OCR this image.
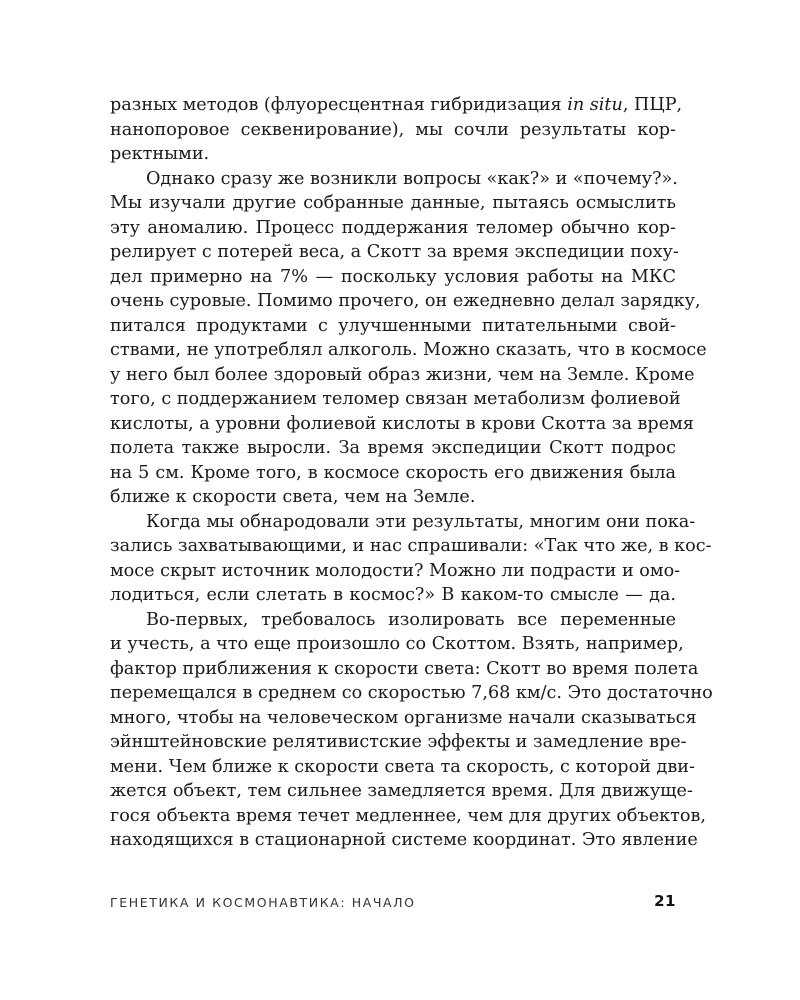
разных методов (флуоресцентная гибридизация in situ, ПЦР,
нанопоровое секвенирование), мы сочли результаты кор-
ректными.
Однако сразу же возникли вопросы «как?» и «почему?».
Мы изучали другие собранные данные, пытаясь осмыслить
эту аномалию. Процесс поддержания теломер обычно кор-
релирует с потерей веса, а Скотт за время экспедиции поху-
дел примерно на 7% — поскольку условия работы на МКС
очень суровые. Помимо прочего, он ежедневно делал зарядку,
питался продуктами с улучшенными питательными свой-
ствами, не употреблял алкоголь. Можно сказать, что в космосе
у него был более здоровый образ жизни, чем на Земле. Кроме
того, с поддержанием теломер связан метаболизм фолиевой
кислоты, а уровни фолиевой кислоты в крови Скотта за время
полета также выросли. За время экспедиции Скотт подрос
на 5 см. Кроме того, в космосе скорость его движения была
ближе к скорости света, чем на Земле.
Когда мы обнародовали эти результаты, многим они пока-
зались захватывающими, и нас спрашивали: «Так что же, в кос-
мосе скрыт источник молодости? Можно ли подрасти и омо-
лодиться, если слетать в космос?» В каком-то смысле — да.
Во-первых, требовалось изолировать все переменные
и учесть, а что еще произошло со Скоттом. Взять, например,
фактор приближения к скорости света: Скотт во время полета
перемещался в среднем со скоростью 7,68 км/с. Это достаточно
много, чтобы на человеческом организме начали сказываться
эйнштейновские релятивистские эффекты и замедление вре-
мени. Чем ближе к скорости света та скорость, с которой дви-
жется объект, тем сильнее замедляется время. Для движуще-
гося объекта время течет медленнее, чем для других объектов,
находящихся в стационарной системе координат. Это явление
ГЕНЕТИКА И КОСМОНАВТИКА: НАЧАЛО	21
